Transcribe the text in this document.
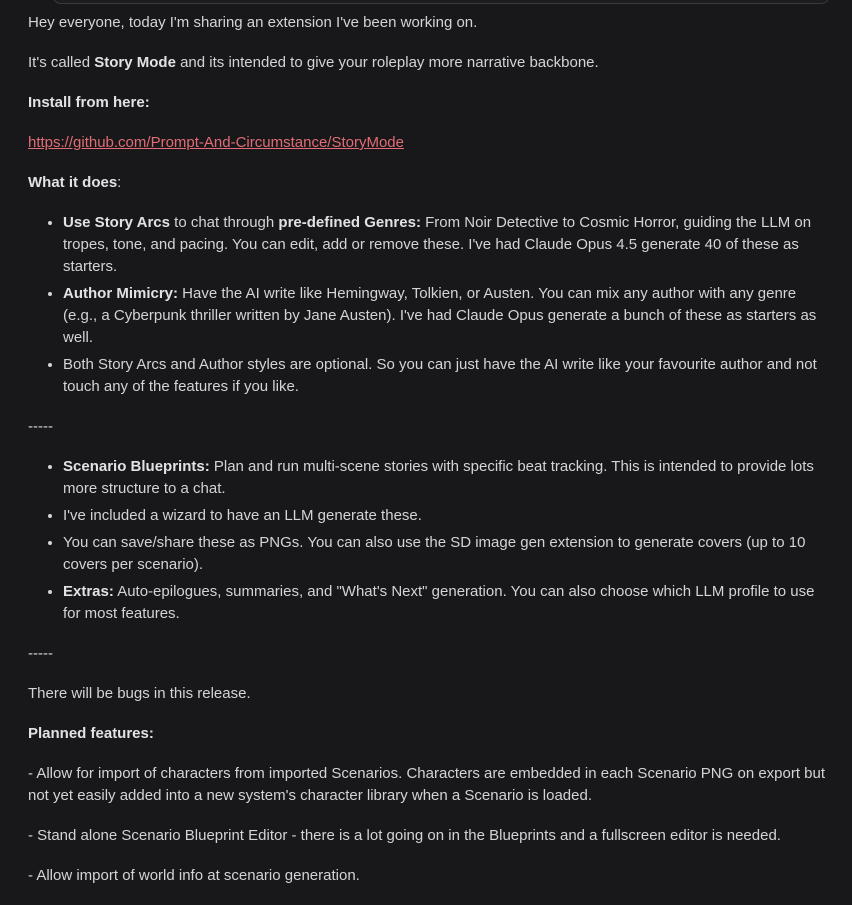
Hey everyone, today I'm sharing an extension I've been working on.

It's called Story Mode and its intended to give your roleplay more narrative backbone.

Install from here:

https://github.com/Prompt-And-Circumstance/StoryMode

What it does:

• Use Story Arcs to chat through pre-defined Genres: From Noir Detective to Cosmic Horror, guiding the LLM on tropes, tone, and pacing. You can edit, add or remove these. I've had Claude Opus 4.5 generate 40 of these as starters.
• Author Mimicry: Have the AI write like Hemingway, Tolkien, or Austen. You can mix any author with any genre (e.g., a Cyberpunk thriller written by Jane Austen). I've had Claude Opus generate a bunch of these as starters as well.
• Both Story Arcs and Author styles are optional. So you can just have the AI write like your favourite author and not touch any of the features if you like.

-----

• Scenario Blueprints: Plan and run multi-scene stories with specific beat tracking. This is intended to provide lots more structure to a chat.
• I've included a wizard to have an LLM generate these.
• You can save/share these as PNGs. You can also use the SD image gen extension to generate covers (up to 10 covers per scenario).
• Extras: Auto-epilogues, summaries, and "What's Next" generation. You can also choose which LLM profile to use for most features.

-----

There will be bugs in this release.

Planned features:

- Allow for import of characters from imported Scenarios. Characters are embedded in each Scenario PNG on export but not yet easily added into a new system's character library when a Scenario is loaded.

- Stand alone Scenario Blueprint Editor - there is a lot going on in the Blueprints and a fullscreen editor is needed.

- Allow import of world info at scenario generation.
